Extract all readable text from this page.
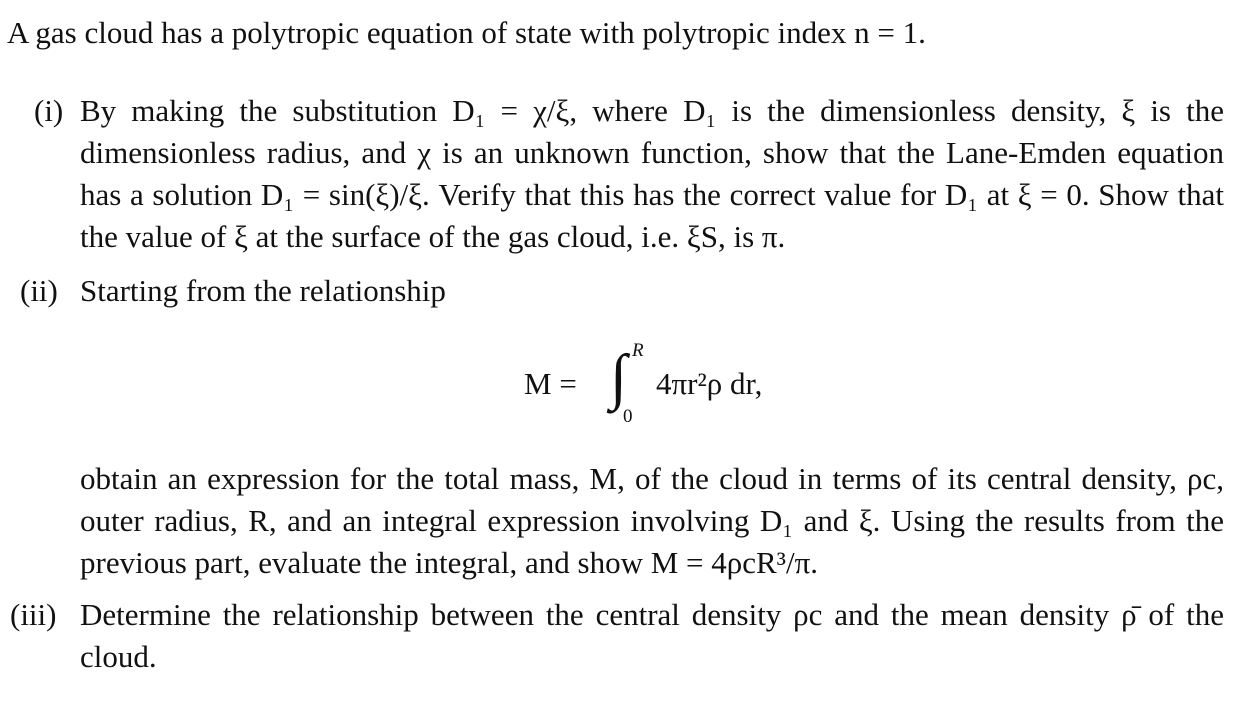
A gas cloud has a polytropic equation of state with polytropic index n = 1.
(i) By making the substitution D₁ = χ/ξ, where D₁ is the dimensionless density, ξ is the dimensionless radius, and χ is an unknown function, show that the Lane-Emden equation has a solution D₁ = sin(ξ)/ξ. Verify that this has the correct value for D₁ at ξ = 0. Show that the value of ξ at the surface of the gas cloud, i.e. ξS, is π.
(ii) Starting from the relationship
M = ∫ R
0
4πr²ρ dr,
obtain an expression for the total mass, M, of the cloud in terms of its central density, ρc, outer radius, R, and an integral expression involving D₁ and ξ. Using the results from the previous part, evaluate the integral, and show M = 4ρcR³/π.
(iii) Determine the relationship between the central density ρc and the mean density ρ̄ of the cloud.
